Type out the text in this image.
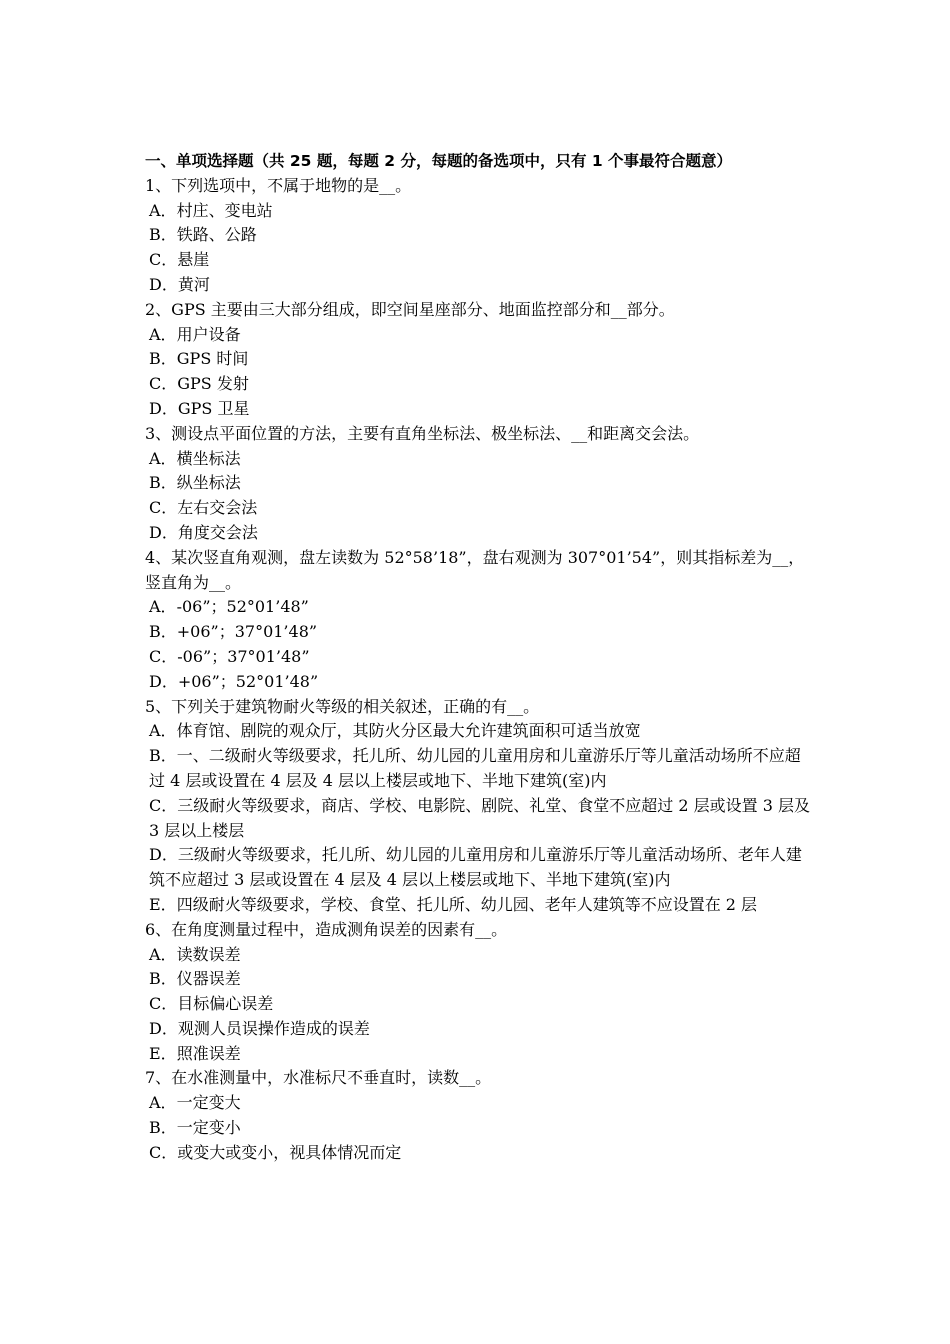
一、单项选择题（共 25 题，每题 2 分，每题的备选项中，只有 1 个事最符合题意）

1、下列选项中，不属于地物的是__。

A．村庄、变电站

B．铁路、公路

C．悬崖

D．黄河

2、GPS 主要由三大部分组成，即空间星座部分、地面监控部分和__部分。

A．用户设备

B．GPS 时间

C．GPS 发射

D．GPS 卫星

3、测设点平面位置的方法，主要有直角坐标法、极坐标法、__和距离交会法。

A．横坐标法

B．纵坐标法

C．左右交会法

D．角度交会法

4、某次竖直角观测，盘左读数为 52°58’18”，盘右观测为 307°01’54”，则其指标差为__，竖直角为__。

A．-06”；52°01’48”

B．+06”；37°01’48”

C．-06”；37°01’48”

D．+06”；52°01’48”

5、下列关于建筑物耐火等级的相关叙述，正确的有__。

A．体育馆、剧院的观众厅，其防火分区最大允许建筑面积可适当放宽

B．一、二级耐火等级要求，托儿所、幼儿园的儿童用房和儿童游乐厅等儿童活动场所不应超过 4 层或设置在 4 层及 4 层以上楼层或地下、半地下建筑(室)内

C．三级耐火等级要求，商店、学校、电影院、剧院、礼堂、食堂不应超过 2 层或设置 3 层及 3 层以上楼层

D．三级耐火等级要求，托儿所、幼儿园的儿童用房和儿童游乐厅等儿童活动场所、老年人建筑不应超过 3 层或设置在 4 层及 4 层以上楼层或地下、半地下建筑(室)内

E．四级耐火等级要求，学校、食堂、托儿所、幼儿园、老年人建筑等不应设置在 2 层

6、在角度测量过程中，造成测角误差的因素有__。

A．读数误差

B．仪器误差

C．目标偏心误差

D．观测人员误操作造成的误差

E．照准误差

7、在水准测量中，水准标尺不垂直时，读数__。

A．一定变大

B．一定变小

C．或变大或变小，视具体情况而定
